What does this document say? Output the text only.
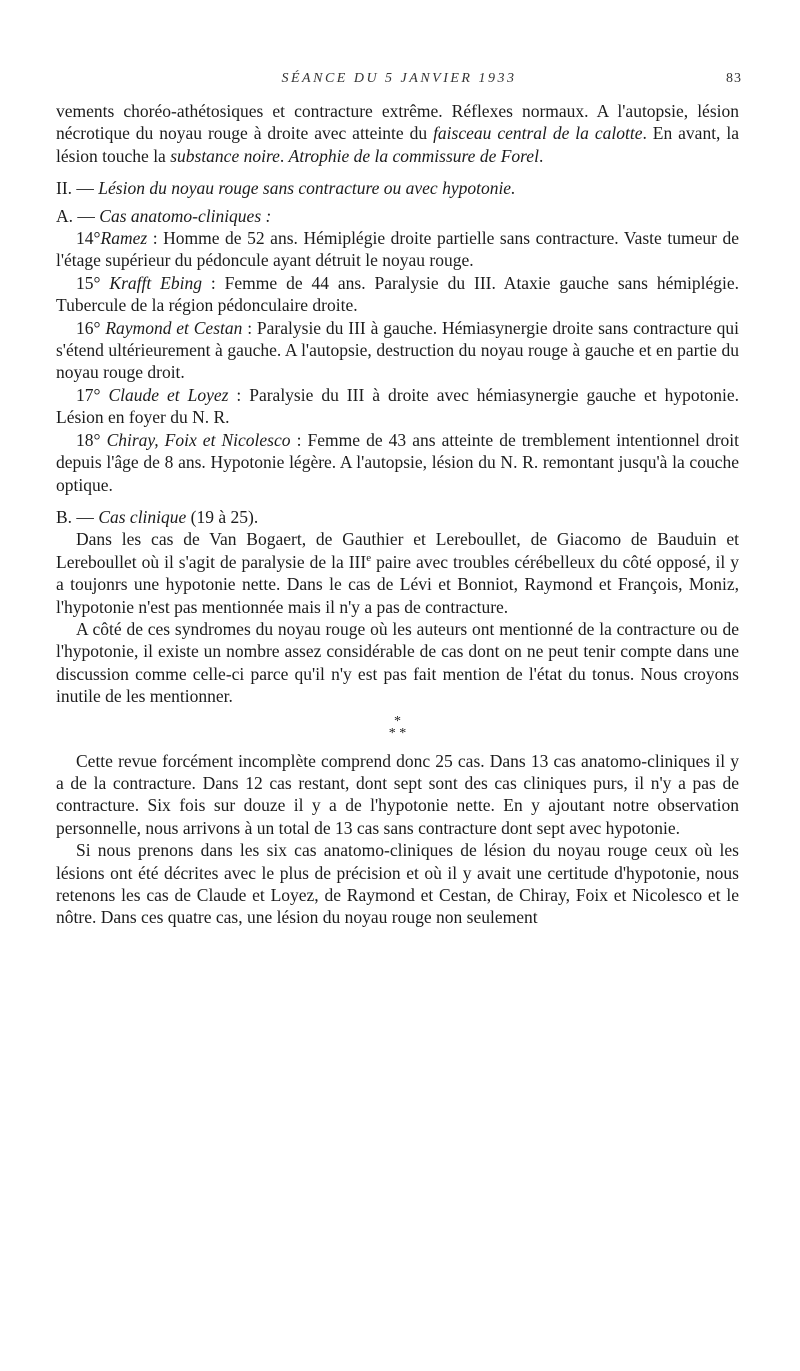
SÉANCE DU 5 JANVIER 1933	83

vements choréo-athétosiques et contracture extrême. Réflexes normaux. A l'autopsie, lésion nécrotique du noyau rouge à droite avec atteinte du faisceau central de la calotte. En avant, la lésion touche la substance noire. Atrophie de la commissure de Forel.

II. — Lésion du noyau rouge sans contracture ou avec hypotonie.

A. — Cas anatomo-cliniques :

14°Ramez : Homme de 52 ans. Hémiplégie droite partielle sans contracture. Vaste tumeur de l'étage supérieur du pédoncule ayant détruit le noyau rouge.

15° Krafft Ebing : Femme de 44 ans. Paralysie du III. Ataxie gauche sans hémiplégie. Tubercule de la région pédonculaire droite.

16° Raymond et Cestan : Paralysie du III à gauche. Hémiasynergie droite sans contracture qui s'étend ultérieurement à gauche. A l'autopsie, destruction du noyau rouge à gauche et en partie du noyau rouge droit.

17° Claude et Loyez : Paralysie du III à droite avec hémiasynergie gauche et hypotonie. Lésion en foyer du N. R.

18° Chiray, Foix et Nicolesco : Femme de 43 ans atteinte de tremblement intentionnel droit depuis l'âge de 8 ans. Hypotonie légère. A l'autopsie, lésion du N. R. remontant jusqu'à la couche optique.

B. — Cas clinique (19 à 25).

Dans les cas de Van Bogaert, de Gauthier et Lereboullet, de Giacomo de Bauduin et Lereboullet où il s'agit de paralysie de la IIIe paire avec troubles cérébelleux du côté opposé, il y a toujonrs une hypotonie nette. Dans le cas de Lévi et Bonniot, Raymond et François, Moniz, l'hypotonie n'est pas mentionnée mais il n'y a pas de contracture.

A côté de ces syndromes du noyau rouge où les auteurs ont mentionné de la contracture ou de l'hypotonie, il existe un nombre assez considérable de cas dont on ne peut tenir compte dans une discussion comme celle-ci parce qu'il n'y est pas fait mention de l'état du tonus. Nous croyons inutile de les mentionner.

*
* *

Cette revue forcément incomplète comprend donc 25 cas. Dans 13 cas anatomo-cliniques il y a de la contracture. Dans 12 cas restant, dont sept sont des cas cliniques purs, il n'y a pas de contracture. Six fois sur douze il y a de l'hypotonie nette. En y ajoutant notre observation personnelle, nous arrivons à un total de 13 cas sans contracture dont sept avec hypotonie.

Si nous prenons dans les six cas anatomo-cliniques de lésion du noyau rouge ceux où les lésions ont été décrites avec le plus de précision et où il y avait une certitude d'hypotonie, nous retenons les cas de Claude et Loyez, de Raymond et Cestan, de Chiray, Foix et Nicolesco et le nôtre. Dans ces quatre cas, une lésion du noyau rouge non seulement
